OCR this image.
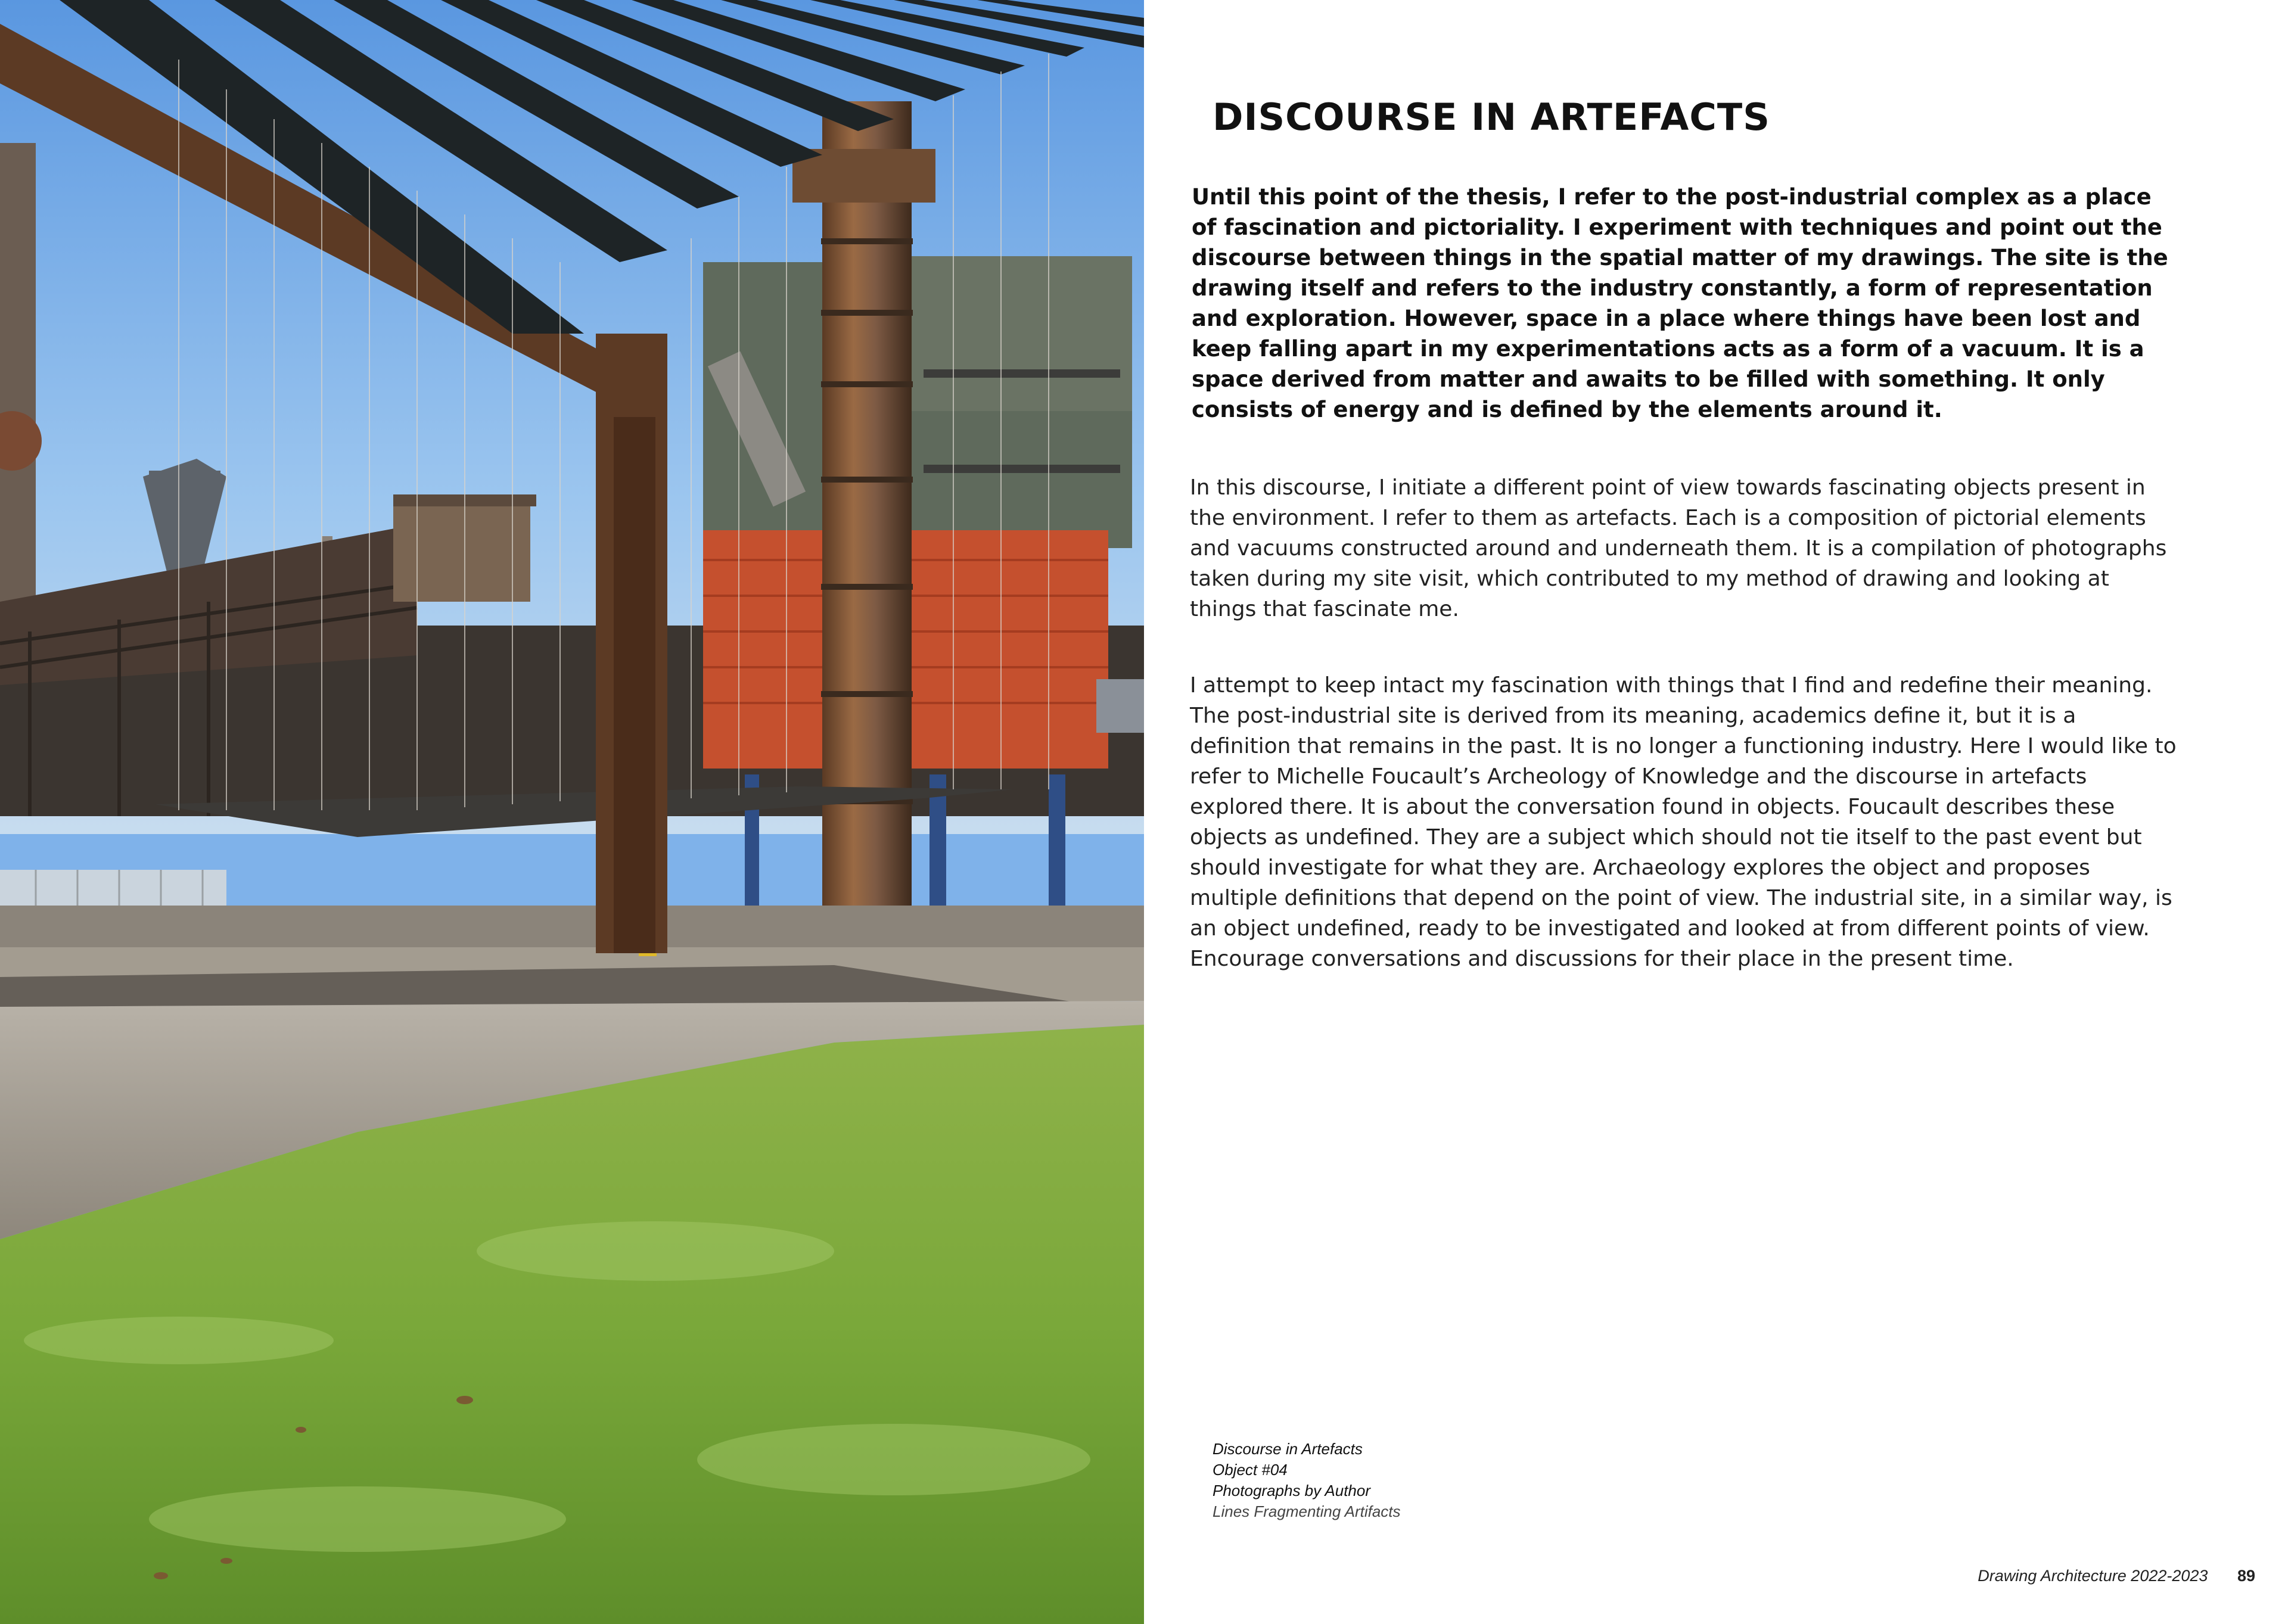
DISCOURSE IN ARTEFACTS

Until this point of the thesis, I refer to the post-industrial complex as a place of fascination and pictoriality. I experiment with techniques and point out the discourse between things in the spatial matter of my drawings. The site is the drawing itself and refers to the industry constantly, a form of representation and exploration. However, space in a place where things have been lost and keep falling apart in my experimentations acts as a form of a vacuum. It is a space derived from matter and awaits to be filled with something. It only consists of energy and is defined by the elements around it.

In this discourse, I initiate a different point of view towards fascinating objects present in the environment. I refer to them as artefacts. Each is a composition of pictorial elements and vacuums constructed around and underneath them. It is a compilation of photographs taken during my site visit, which contributed to my method of drawing and looking at things that fascinate me.

I attempt to keep intact my fascination with things that I find and redefine their meaning. The post-industrial site is derived from its meaning, academics define it, but it is a definition that remains in the past. It is no longer a functioning industry. Here I would like to refer to Michelle Foucault’s Archeology of Knowledge and the discourse in artefacts explored there. It is about the conversation found in objects. Foucault describes these objects as undefined. They are a subject which should not tie itself to the past event but should investigate for what they are. Archaeology explores the object and proposes multiple definitions that depend on the point of view. The industrial site, in a similar way, is an object undefined, ready to be investigated and looked at from different points of view. Encourage conversations and discussions for their place in the present time.

Discourse in Artefacts
Object #04
Photographs by Author
Lines Fragmenting Artifacts
Drawing Architecture 2022-2023 89
